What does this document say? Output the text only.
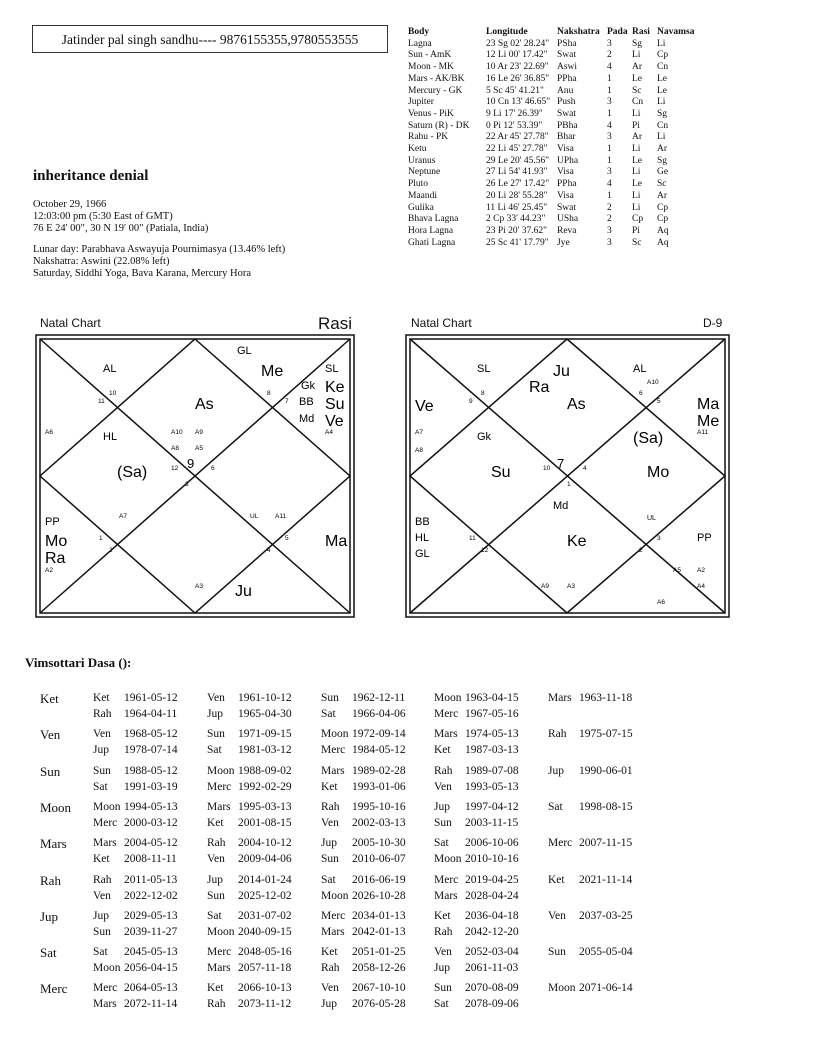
Jatinder pal singh sandhu---- 9876155355,9780553555
inheritance denial
October 29, 1966
12:03:00 pm (5:30 East of GMT)
76 E 24' 00", 30 N 19' 00" (Patiala, India)
Lunar day: Parabhava Aswayuja Pournimasya (13.46% left)
Nakshatra: Aswini (22.08% left)
Saturday, Siddhi Yoga, Bava Karana, Mercury Hora
Body	Longitude	Nakshatra	Pada	Rasi	Navamsa
Lagna	23 Sg 02' 28.24"	PSha	3	Sg	Li
Sun - AmK	12 Li 00' 17.42"	Swat	2	Li	Cp
Moon - MK	10 Ar 23' 22.69"	Aswi	4	Ar	Cn
Mars - AK/BK	16 Le 26' 36.85"	PPha	1	Le	Le
Mercury - GK	5 Sc 45' 41.21"	Anu	1	Sc	Le
Jupiter	10 Cn 13' 46.65"	Push	3	Cn	Li
Venus - PiK	9 Li 17' 26.39"	Swat	1	Li	Sg
Saturn (R) - DK	0 Pi 12' 53.39"	PBha	4	Pi	Cn
Rahu - PK	22 Ar 45' 27.78"	Bhar	3	Ar	Li
Ketu	22 Li 45' 27.78"	Visa	1	Li	Ar
Uranus	29 Le 20' 45.56"	UPha	1	Le	Sg
Neptune	27 Li 54' 41.93"	Visa	3	Li	Ge
Pluto	26 Le 27' 17.42"	PPha	4	Le	Sc
Maandi	20 Li 28' 55.28"	Visa	1	Li	Ar
Gulika	11 Li 46' 25.45"	Swat	2	Li	Cp
Bhava Lagna	2 Cp 33' 44.23"	USha	2	Cp	Cp
Hora Lagna	23 Pi 20' 37.62"	Reva	3	Pi	Aq
Ghati Lagna	25 Sc 41' 17.79"	Jye	3	Sc	Aq
Natal Chart	Rasi
Me
As
Ke
Su
Ve
(Sa)
Mo
Ra
Ma
Ju
AL
GL
SL
Gk
BB
Md
HL
PP
A6	A10 A9
A8 A5
A4
A7	UL	A11
A2
A3
10	8
7
11
12 9	6
3
1
4
5
2
Natal Chart	D-9
Ju
Ra
As
Ve	Ma
Me
(Sa)
Su	Mo
Ke
SL	AL
Gk
Md
BB
HL
GL
PP
UL
A10
A7
A8
A11
A9	A3
A2
A4
A5
A6
8
9
6
5
10 7	4
11
12
3
2
1
Vimsottari Dasa ():
Ket	Ket 1961-05-12	Ven 1961-10-12	Sun 1962-12-11	Moon 1963-04-15	Mars 1963-11-18
Rah 1964-04-11	Jup 1965-04-30	Sat 1966-04-06 Merc 1967-05-16
Ven	Ven 1968-05-12	Sun 1971-09-15	Moon 1972-09-14 Mars 1974-05-13	Rah 1975-07-15
Jup 1978-07-14	Sat 1981-03-12	Merc 1984-05-12 Ket 1987-03-13
Sun	Sun 1988-05-12	Moon 1988-09-02	Mars 1989-02-28 Rah 1989-07-08	Jup 1990-06-01
Sat 1991-03-19	Merc 1992-02-29	Ket 1993-01-06 Ven 1993-05-13
Moon Moon 1994-05-13	Mars 1995-03-13	Rah 1995-10-16 Jup 1997-04-12	Sat 1998-08-15
Merc 2000-03-12	Ket 2001-08-15	Ven 2002-03-13 Sun 2003-11-15
Mars Mars 2004-05-12	Rah 2004-10-12	Jup 2005-10-30 Sat 2006-10-06	Merc 2007-11-15
Ket 2008-11-11	Ven 2009-04-06	Sun 2010-06-07 Moon 2010-10-16
Rah	Rah 2011-05-13	Jup 2014-01-24	Sat 2016-06-19 Merc 2019-04-25	Ket 2021-11-14
Ven 2022-12-02	Sun 2025-12-02	Moon 2026-10-28 Mars 2028-04-24
Jup	Jup 2029-05-13	Sat 2031-07-02	Merc 2034-01-13 Ket 2036-04-18	Ven 2037-03-25
Sun 2039-11-27	Moon 2040-09-15	Mars 2042-01-13 Rah 2042-12-20
Sat	Sat 2045-05-13	Merc 2048-05-16	Ket 2051-01-25 Ven 2052-03-04	Sun 2055-05-04
Moon 2056-04-15	Mars 2057-11-18	Rah 2058-12-26 Jup 2061-11-03
Merc Merc 2064-05-13	Ket 2066-10-13	Ven 2067-10-10 Sun 2070-08-09	Moon 2071-06-14
Mars 2072-11-14	Rah 2073-11-12	Jup 2076-05-28 Sat 2078-09-06
